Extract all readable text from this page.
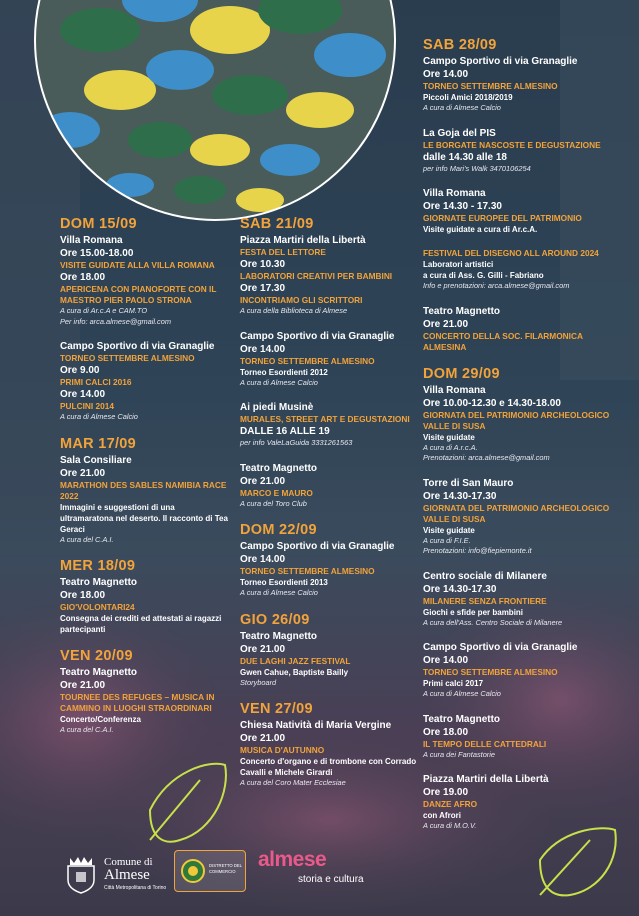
DOM 15/09
Villa Romana
Ore 15.00-18.00
VISITE GUIDATE ALLA VILLA ROMANA
Ore 18.00
APERICENA CON PIANOFORTE CON IL MAESTRO PIER PAOLO STRONA
A cura di Ar.c.A e CAM.TO
Per info: arca.almese@gmail.com
Campo Sportivo di via Granaglie
TORNEO SETTEMBRE ALMESINO
Ore 9.00
PRIMI CALCI 2016
Ore 14.00
PULCINI 2014
A cura di Almese Calcio
MAR 17/09
Sala Consiliare
Ore 21.00
MARATHON DES SABLES NAMIBIA RACE 2022
Immagini e suggestioni di una ultramaratona nel deserto. Il racconto di Tea Geraci
A cura del C.A.I.
MER 18/09
Teatro Magnetto
Ore 18.00
GIO'VOLONTARI24
Consegna dei crediti ed attestati ai ragazzi partecipanti
VEN 20/09
Teatro Magnetto
Ore 21.00
TOURNEE DES REFUGES – MUSICA IN CAMMINO IN LUOGHI STRAORDINARI
Concerto/Conferenza
A cura del C.A.I.
SAB 21/09
Piazza Martiri della Libertà
FESTA DEL LETTORE
Ore 10.30
LABORATORI CREATIVI PER BAMBINI
Ore 17.30
INCONTRIAMO GLI SCRITTORI
A cura della Biblioteca di Almese
Campo Sportivo di via Granaglie
Ore 14.00
TORNEO SETTEMBRE ALMESINO
Torneo Esordienti 2012
A cura di Almese Calcio
Ai piedi Musinè
MURALES, STREET ART E DEGUSTAZIONI
DALLE 16 ALLE 19
per info ValeLaGuida 3331261563
Teatro Magnetto
Ore 21.00
MARCO E MAURO
A cura del Toro Club
DOM 22/09
Campo Sportivo di via Granaglie
Ore 14.00
TORNEO SETTEMBRE ALMESINO
Torneo Esordienti 2013
A cura di Almese Calcio
GIO 26/09
Teatro Magnetto
Ore 21.00
DUE LAGHI JAZZ FESTIVAL
Gwen Cahue, Baptiste Bailly
Storyboard
VEN 27/09
Chiesa Natività di Maria Vergine
Ore 21.00
MUSICA D'AUTUNNO
Concerto d'organo e di trombone con Corrado Cavalli e Michele Girardi
A cura del Coro Mater Ecclesiae
SAB 28/09
Campo Sportivo di via Granaglie
Ore 14.00
TORNEO SETTEMBRE ALMESINO
Piccoli Amici 2018/2019
A cura di Almese Calcio
La Goja del PIS
LE BORGATE NASCOSTE E DEGUSTAZIONE
dalle 14.30 alle 18
per info Mari's Walk 3470106254
Villa Romana
Ore 14.30 - 17.30
GIORNATE EUROPEE DEL PATRIMONIO
Visite guidate a cura di Ar.c.A.
FESTIVAL DEL DISEGNO ALL AROUND 2024
Laboratori artistici
a cura di Ass. G. Gilli - Fabriano
Info e prenotazioni: arca.almese@gmail.com
Teatro Magnetto
Ore 21.00
CONCERTO DELLA SOC. FILARMONICA ALMESINA
DOM 29/09
Villa Romana
Ore 10.00-12.30 e 14.30-18.00
GIORNATA DEL PATRIMONIO ARCHEOLOGICO VALLE DI SUSA
Visite guidate
A cura di A.r.c.A.
Prenotazioni: arca.almese@gmail.com
Torre di San Mauro
Ore 14.30-17.30
GIORNATA DEL PATRIMONIO ARCHEOLOGICO VALLE DI SUSA
Visite guidate
A cura di F.I.E.
Prenotazioni: info@fiepiemonte.it
Centro sociale di Milanere
Ore 14.30-17.30
MILANERE SENZA FRONTIERE
Giochi e sfide per bambini
A cura dell'Ass. Centro Sociale di Milanere
Campo Sportivo di via Granaglie
Ore 14.00
TORNEO SETTEMBRE ALMESINO
Primi calci 2017
A cura di Almese Calcio
Teatro Magnetto
Ore 18.00
IL TEMPO DELLE CATTEDRALI
A cura dei Fantastorie
Piazza Martiri della Libertà
Ore 19.00
DANZE AFRO
con Afrori
A cura di M.O.V.
Comune di
Almese
Città Metropolitana di Torino
DISTRETTO DEL COMMERCIO	almese
storia e cultura
